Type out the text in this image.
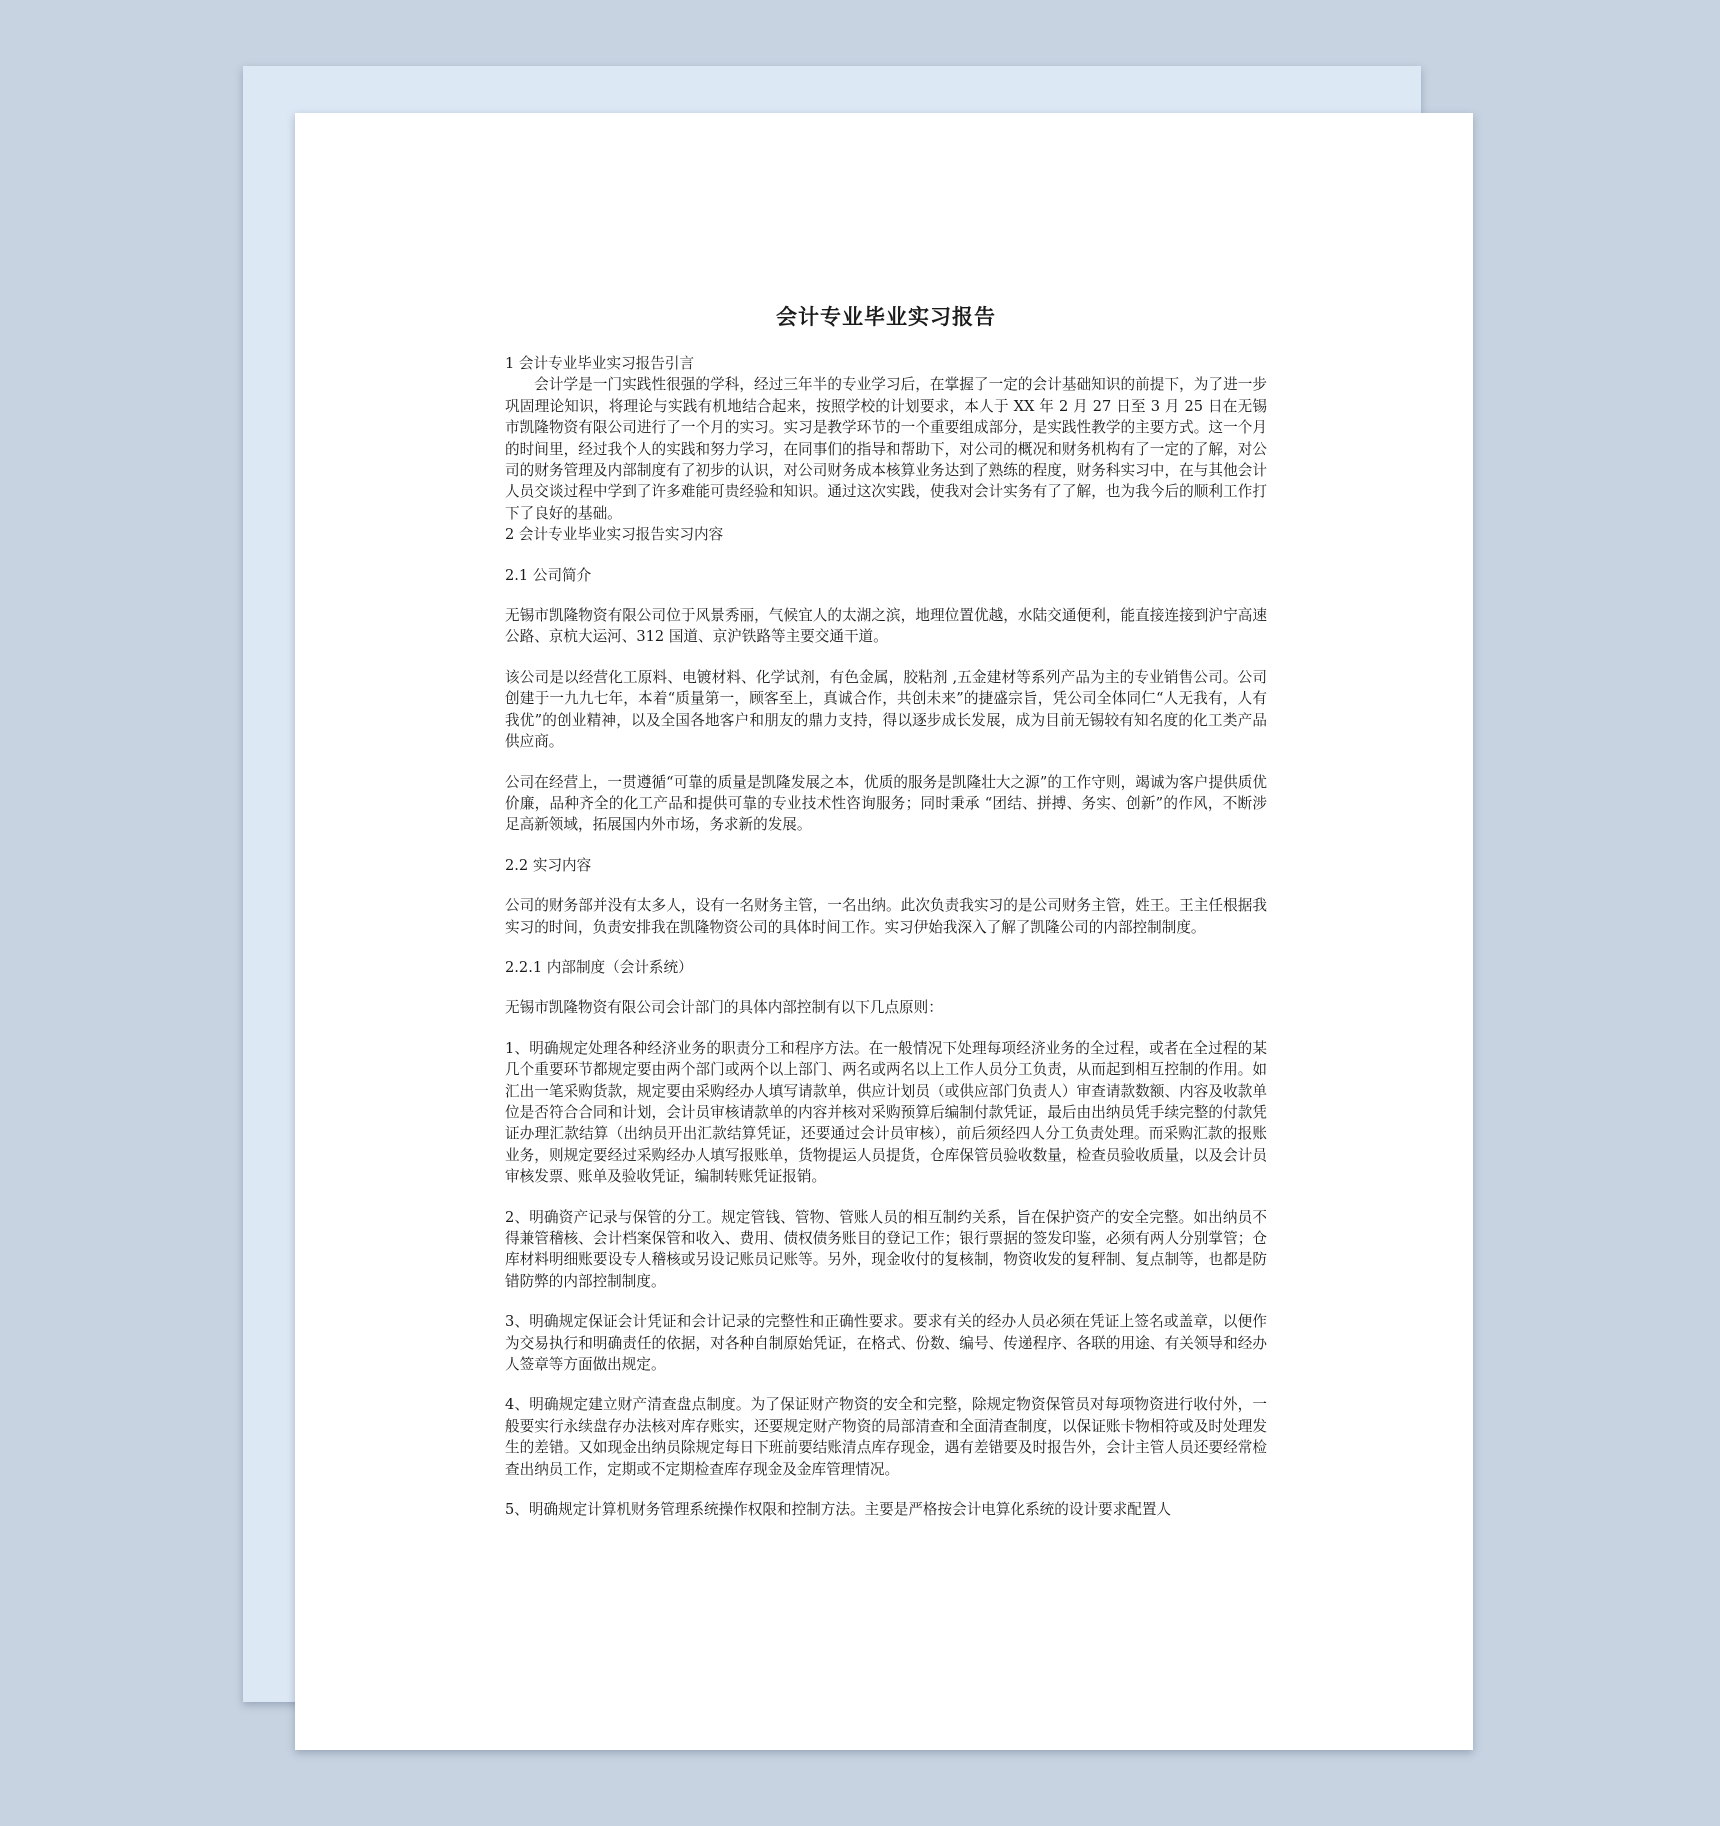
会计专业毕业实习报告

1 会计专业毕业实习报告引言

会计学是一门实践性很强的学科，经过三年半的专业学习后，在掌握了一定的会计基础知识的前提下，为了进一步巩固理论知识，将理论与实践有机地结合起来，按照学校的计划要求，本人于 XX 年 2 月 27 日至 3 月 25 日在无锡市凯隆物资有限公司进行了一个月的实习。实习是教学环节的一个重要组成部分，是实践性教学的主要方式。这一个月的时间里，经过我个人的实践和努力学习，在同事们的指导和帮助下，对公司的概况和财务机构有了一定的了解，对公司的财务管理及内部制度有了初步的认识，对公司财务成本核算业务达到了熟练的程度，财务科实习中，在与其他会计人员交谈过程中学到了许多难能可贵经验和知识。通过这次实践，使我对会计实务有了了解，也为我今后的顺利工作打下了良好的基础。

2 会计专业毕业实习报告实习内容

2.1 公司简介

无锡市凯隆物资有限公司位于风景秀丽，气候宜人的太湖之滨，地理位置优越，水陆交通便利，能直接连接到沪宁高速公路、京杭大运河、312 国道、京沪铁路等主要交通干道。

该公司是以经营化工原料、电镀材料、化学试剂，有色金属，胶粘剂 ,五金建材等系列产品为主的专业销售公司。公司创建于一九九七年，本着“质量第一，顾客至上，真诚合作，共创未来”的捷盛宗旨，凭公司全体同仁“人无我有，人有我优”的创业精神，以及全国各地客户和朋友的鼎力支持，得以逐步成长发展，成为目前无锡较有知名度的化工类产品供应商。

公司在经营上，一贯遵循“可靠的质量是凯隆发展之本，优质的服务是凯隆壮大之源”的工作守则，竭诚为客户提供质优价廉，品种齐全的化工产品和提供可靠的专业技术性咨询服务；同时秉承 “团结、拼搏、务实、创新”的作风，不断涉足高新领域，拓展国内外市场，务求新的发展。

2.2 实习内容

公司的财务部并没有太多人，设有一名财务主管，一名出纳。此次负责我实习的是公司财务主管，姓王。王主任根据我实习的时间，负责安排我在凯隆物资公司的具体时间工作。实习伊始我深入了解了凯隆公司的内部控制制度。

2.2.1 内部制度（会计系统）

无锡市凯隆物资有限公司会计部门的具体内部控制有以下几点原则：

1、明确规定处理各种经济业务的职责分工和程序方法。在一般情况下处理每项经济业务的全过程，或者在全过程的某几个重要环节都规定要由两个部门或两个以上部门、两名或两名以上工作人员分工负责，从而起到相互控制的作用。如汇出一笔采购货款，规定要由采购经办人填写请款单，供应计划员（或供应部门负责人）审查请款数额、内容及收款单位是否符合合同和计划，会计员审核请款单的内容并核对采购预算后编制付款凭证，最后由出纳员凭手续完整的付款凭证办理汇款结算（出纳员开出汇款结算凭证，还要通过会计员审核），前后须经四人分工负责处理。而采购汇款的报账业务，则规定要经过采购经办人填写报账单，货物提运人员提货，仓库保管员验收数量，检查员验收质量，以及会计员审核发票、账单及验收凭证，编制转账凭证报销。

2、明确资产记录与保管的分工。规定管钱、管物、管账人员的相互制约关系，旨在保护资产的安全完整。如出纳员不得兼管稽核、会计档案保管和收入、费用、债权债务账目的登记工作；银行票据的签发印鉴，必须有两人分别掌管；仓库材料明细账要设专人稽核或另设记账员记账等。另外，现金收付的复核制，物资收发的复秤制、复点制等，也都是防错防弊的内部控制制度。

3、明确规定保证会计凭证和会计记录的完整性和正确性要求。要求有关的经办人员必须在凭证上签名或盖章，以便作为交易执行和明确责任的依据，对各种自制原始凭证，在格式、份数、编号、传递程序、各联的用途、有关领导和经办人签章等方面做出规定。

4、明确规定建立财产清查盘点制度。为了保证财产物资的安全和完整，除规定物资保管员对每项物资进行收付外，一般要实行永续盘存办法核对库存账实，还要规定财产物资的局部清查和全面清查制度，以保证账卡物相符或及时处理发生的差错。又如现金出纳员除规定每日下班前要结账清点库存现金，遇有差错要及时报告外，会计主管人员还要经常检查出纳员工作，定期或不定期检查库存现金及金库管理情况。

5、明确规定计算机财务管理系统操作权限和控制方法。主要是严格按会计电算化系统的设计要求配置人
